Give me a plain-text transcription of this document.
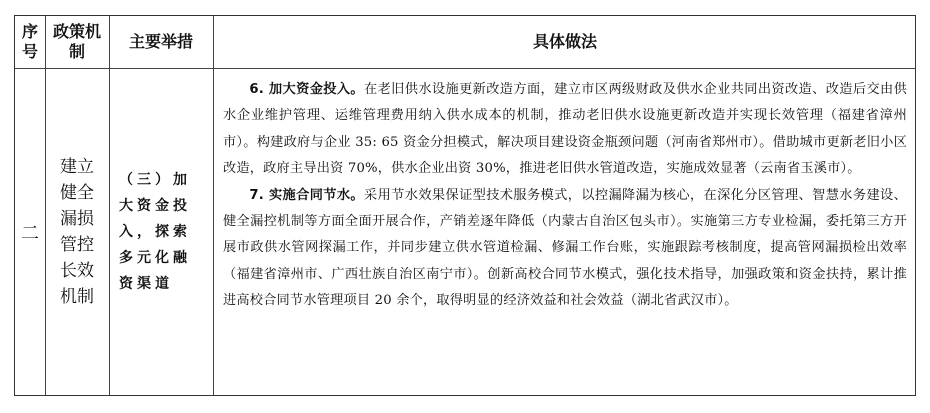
序号
政策机制
主要举措	具体做法
二
建立健全漏损管控长效机制
（三）加大资金投入，探索多元化融资渠道

6. 加大资金投入。在老旧供水设施更新改造方面，建立市区两级财政及供水企业共同出资改造、改造后交由供水企业维护管理、运维管理费用纳入供水成本的机制，推动老旧供水设施更新改造并实现长效管理（福建省漳州市）。构建政府与企业 35: 65 资金分担模式，解决项目建设资金瓶颈问题（河南省郑州市）。借助城市更新老旧小区改造，政府主导出资 70%，供水企业出资 30%，推进老旧供水管道改造，实施成效显著（云南省玉溪市）。

7. 实施合同节水。采用节水效果保证型技术服务模式，以控漏降漏为核心，在深化分区管理、智慧水务建设、健全漏控机制等方面全面开展合作，产销差逐年降低（内蒙古自治区包头市）。实施第三方专业检漏，委托第三方开展市政供水管网探漏工作，并同步建立供水管道检漏、修漏工作台账，实施跟踪考核制度，提高管网漏损检出效率（福建省漳州市、广西壮族自治区南宁市）。创新高校合同节水模式，强化技术指导，加强政策和资金扶持，累计推进高校合同节水管理项目 20 余个，取得明显的经济效益和社会效益（湖北省武汉市）。
